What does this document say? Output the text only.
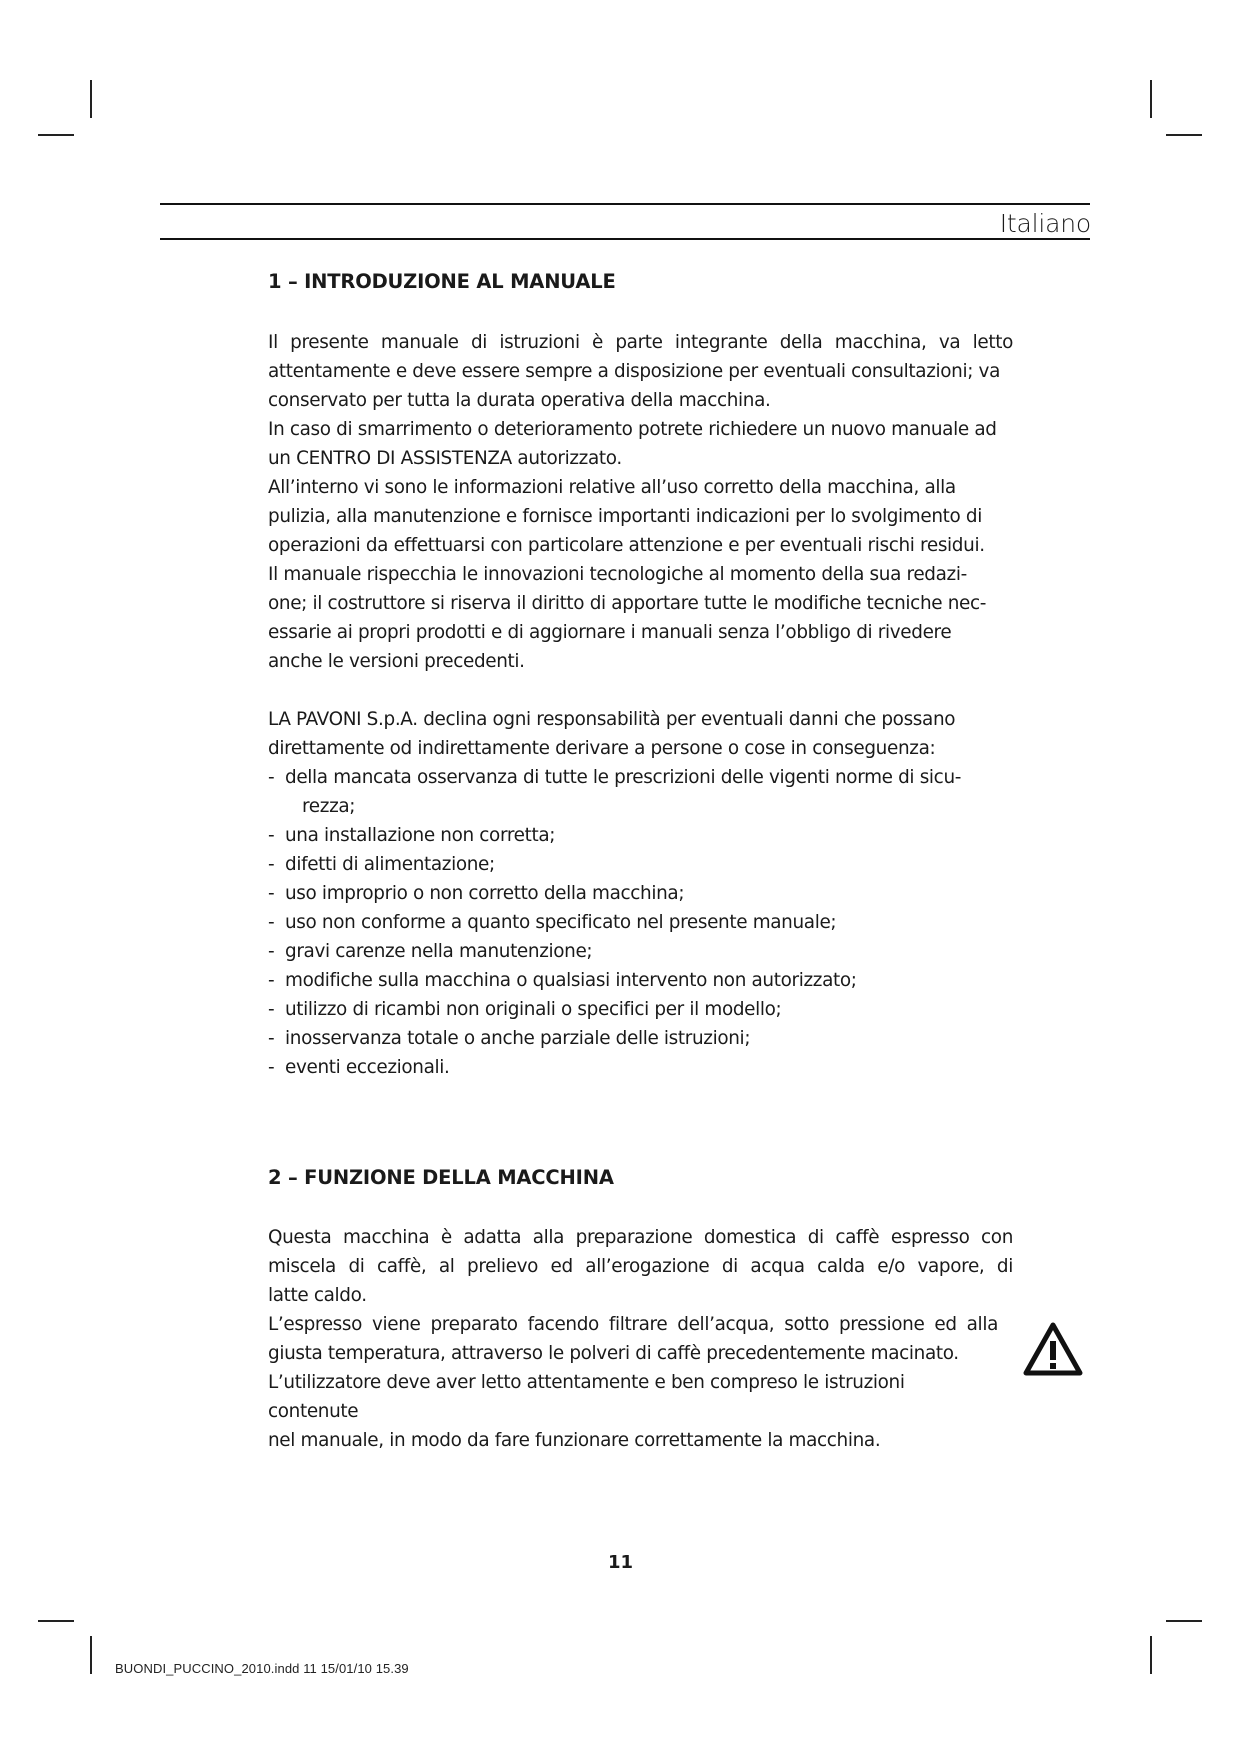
Italiano
1 – INTRODUZIONE AL MANUALE

Il presente manuale di istruzioni è parte integrante della macchina, va letto

attentamente e deve essere sempre a disposizione per eventuali consultazioni; va

conservato per tutta la durata operativa della macchina.

In caso di smarrimento o deterioramento potrete richiedere un nuovo manuale ad

un CENTRO DI ASSISTENZA autorizzato.

All’interno vi sono le informazioni relative all’uso corretto della macchina, alla

pulizia, alla manutenzione e fornisce importanti indicazioni per lo svolgimento di

operazioni da effettuarsi con particolare attenzione e per eventuali rischi residui.

Il manuale rispecchia le innovazioni tecnologiche al momento della sua redazi-

one; il costruttore si riserva il diritto di apportare tutte le modifiche tecniche nec-

essarie ai propri prodotti e di aggiornare i manuali senza l’obbligo di rivedere

anche le versioni precedenti.

LA PAVONI S.p.A. declina ogni responsabilità per eventuali danni che possano

direttamente od indirettamente derivare a persone o cose in conseguenza:

- della mancata osservanza di tutte le prescrizioni delle vigenti norme di sicu-
rezza;
- una installazione non corretta;
- difetti di alimentazione;
- uso improprio o non corretto della macchina;
- uso non conforme a quanto specificato nel presente manuale;
- gravi carenze nella manutenzione;
- modifiche sulla macchina o qualsiasi intervento non autorizzato;
- utilizzo di ricambi non originali o specifici per il modello;
- inosservanza totale o anche parziale delle istruzioni;
- eventi eccezionali.
2 – FUNZIONE DELLA MACCHINA

Questa macchina è adatta alla preparazione domestica di caffè espresso con

miscela di caffè, al prelievo ed all’erogazione di acqua calda e/o vapore, di

latte caldo.

L’espresso viene preparato facendo filtrare dell’acqua, sotto pressione ed alla

giusta temperatura, attraverso le polveri di caffè precedentemente macinato.

L’utilizzatore deve aver letto attentamente e ben compreso le istruzioni contenute

nel manuale, in modo da fare funzionare correttamente la macchina.

11
BUONDI_PUCCINO_2010.indd 11 15/01/10 15.39
